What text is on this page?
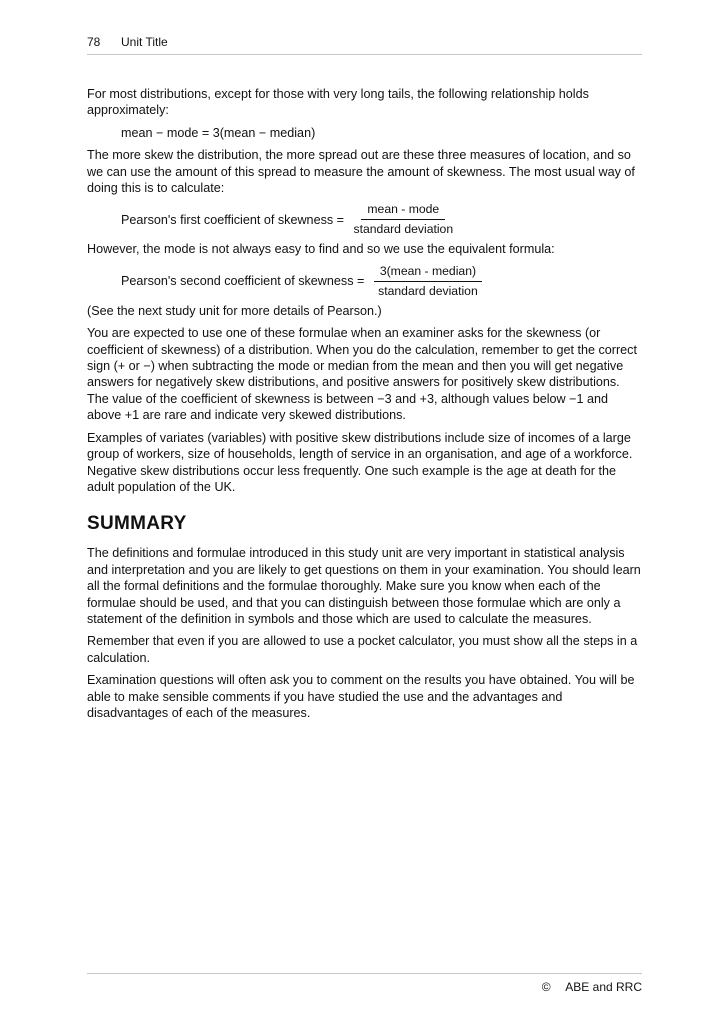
78 Unit Title

For most distributions, except for those with very long tails, the following relationship holds approximately:

mean − mode = 3(mean − median)

The more skew the distribution, the more spread out are these three measures of location, and so we can use the amount of this spread to measure the amount of skewness. The most usual way of doing this is to calculate:

Pearson's first coefficient of skewness = $\frac{\text{mean - mode}}{\text{standard deviation}}$

However, the mode is not always easy to find and so we use the equivalent formula:

Pearson's second coefficient of skewness = $\frac{\text{3(mean - median)}}{\text{standard deviation}}$

(See the next study unit for more details of Pearson.)

You are expected to use one of these formulae when an examiner asks for the skewness (or coefficient of skewness) of a distribution. When you do the calculation, remember to get the correct sign (+ or −) when subtracting the mode or median from the mean and then you will get negative answers for negatively skew distributions, and positive answers for positively skew distributions. The value of the coefficient of skewness is between −3 and +3, although values below −1 and above +1 are rare and indicate very skewed distributions.

Examples of variates (variables) with positive skew distributions include size of incomes of a large group of workers, size of households, length of service in an organisation, and age of a workforce. Negative skew distributions occur less frequently. One such example is the age at death for the adult population of the UK.

SUMMARY

The definitions and formulae introduced in this study unit are very important in statistical analysis and interpretation and you are likely to get questions on them in your examination. You should learn all the formal definitions and the formulae thoroughly. Make sure you know when each of the formulae should be used, and that you can distinguish between those formulae which are only a statement of the definition in symbols and those which are used to calculate the measures.

Remember that even if you are allowed to use a pocket calculator, you must show all the steps in a calculation.

Examination questions will often ask you to comment on the results you have obtained. You will be able to make sensible comments if you have studied the use and the advantages and disadvantages of each of the measures.

© ABE and RRC
